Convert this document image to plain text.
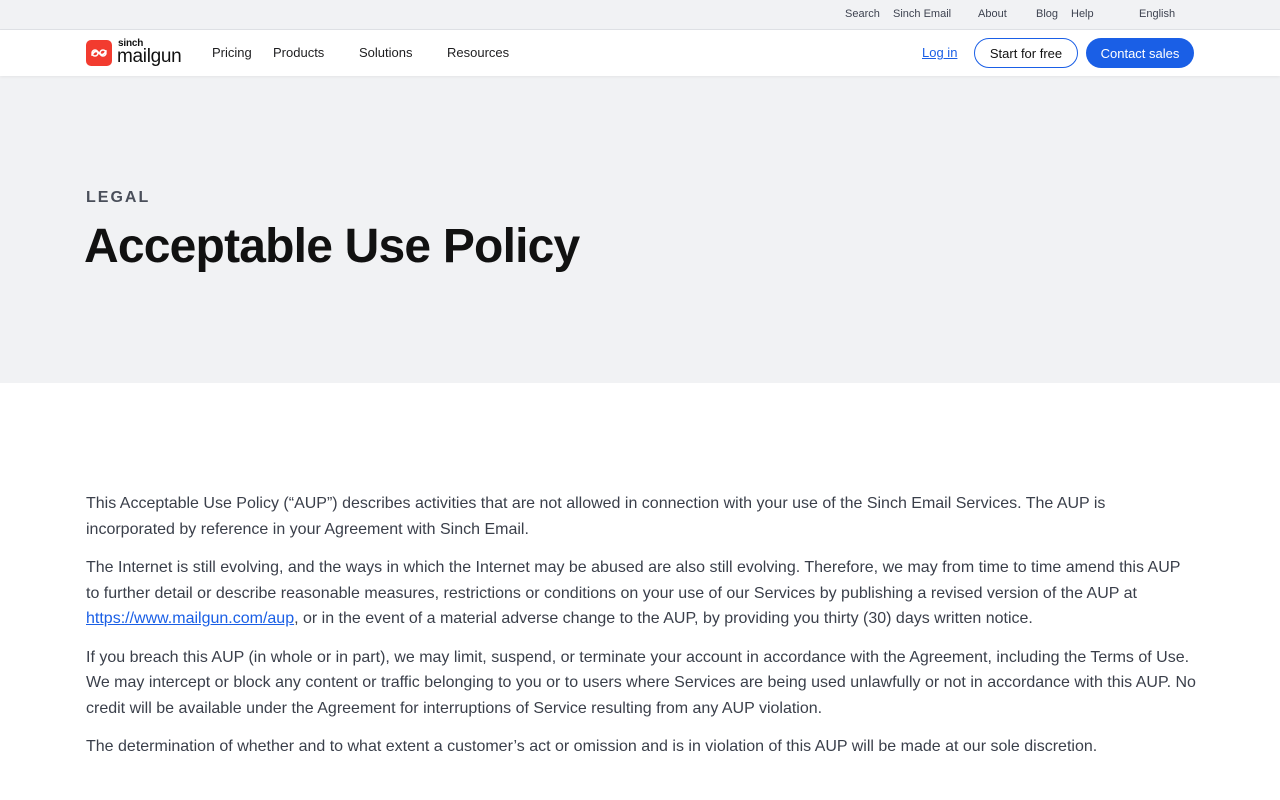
Search Sinch Email About	Blog Help	English
sinch
mailgun Pricing Products	Solutions	Resources	Log in	Start for free	Contact sales
LEGAL
Acceptable Use Policy

This Acceptable Use Policy (“AUP”) describes activities that are not allowed in connection with your use of the Sinch Email Services. The AUP is incorporated by reference in your Agreement with Sinch Email.

The Internet is still evolving, and the ways in which the Internet may be abused are also still evolving. Therefore, we may from time to time amend this AUP to further detail or describe reasonable measures, restrictions or conditions on your use of our Services by publishing a revised version of the AUP at https://www.mailgun.com/aup, or in the event of a material adverse change to the AUP, by providing you thirty (30) days written notice.

If you breach this AUP (in whole or in part), we may limit, suspend, or terminate your account in accordance with the Agreement, including the Terms of Use. We may intercept or block any content or traffic belonging to you or to users where Services are being used unlawfully or not in accordance with this AUP. No credit will be available under the Agreement for interruptions of Service resulting from any AUP violation.

The determination of whether and to what extent a customer’s act or omission and is in violation of this AUP will be made at our sole discretion.
